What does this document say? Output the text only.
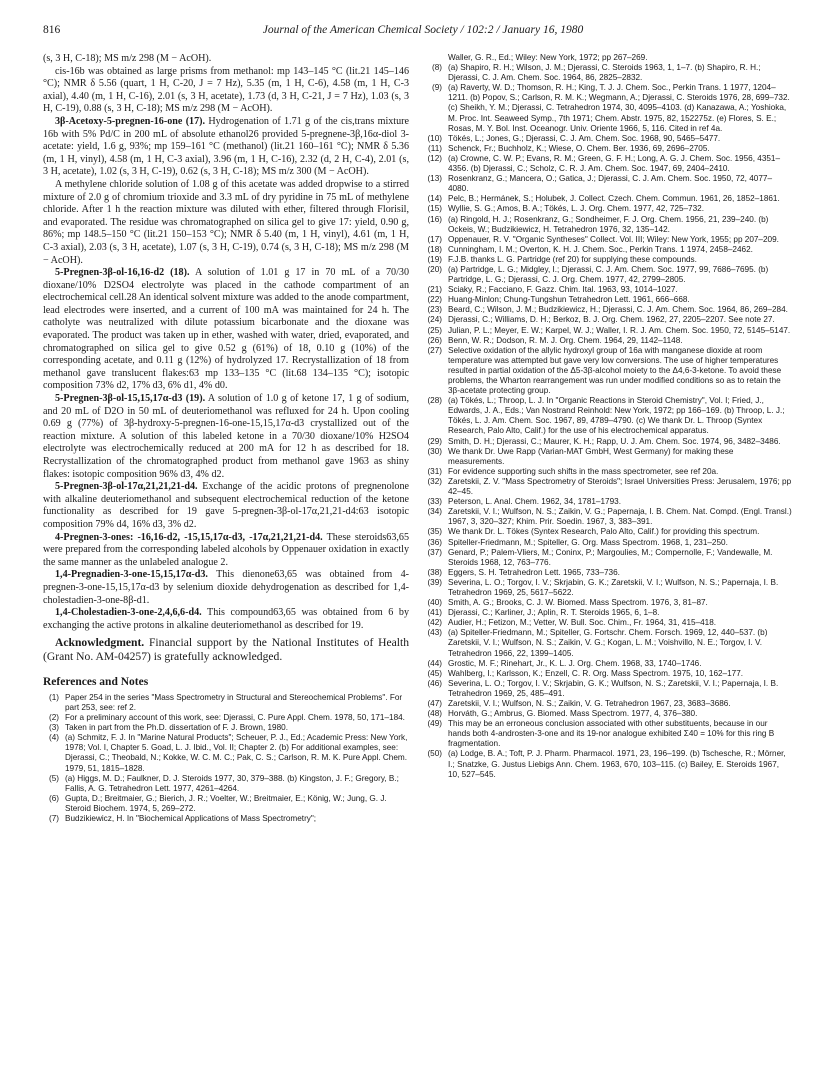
816	Journal of the American Chemical Society / 102:2 / January 16, 1980

(s, 3 H, C-18); MS m/z 298 (M − AcOH).

cis-16b was obtained as large prisms from methanol: mp 143–145 °C (lit.21 145–146 °C); NMR δ 5.56 (quart, 1 H, C-20, J = 7 Hz), 5.35 (m, 1 H, C-6), 4.58 (m, 1 H, C-3 axial), 4.40 (m, 1 H, C-16), 2.01 (s, 3 H, acetate), 1.73 (d, 3 H, C-21, J = 7 Hz), 1.03 (s, 3 H, C-19), 0.88 (s, 3 H, C-18); MS m/z 298 (M − AcOH).

3β-Acetoxy-5-pregnen-16-one (17). Hydrogenation of 1.71 g of the cis,trans mixture 16b with 5% Pd/C in 200 mL of absolute ethanol26 provided 5-pregnene-3β,16α-diol 3-acetate: yield, 1.6 g, 93%; mp 159–161 °C (methanol) (lit.21 160–161 °C); NMR δ 5.36 (m, 1 H, vinyl), 4.58 (m, 1 H, C-3 axial), 3.96 (m, 1 H, C-16), 2.32 (d, 2 H, C-4), 2.01 (s, 3 H, acetate), 1.02 (s, 3 H, C-19), 0.62 (s, 3 H, C-18); MS m/z 300 (M − AcOH).

A methylene chloride solution of 1.08 g of this acetate was added dropwise to a stirred mixture of 2.0 g of chromium trioxide and 3.3 mL of dry pyridine in 75 mL of methylene chloride. After 1 h the reaction mixture was diluted with ether, filtered through Florisil, and evaporated. The residue was chromatographed on silica gel to give 17: yield, 0.90 g, 86%; mp 148.5–150 °C (lit.21 150–153 °C); NMR δ 5.40 (m, 1 H, vinyl), 4.61 (m, 1 H, C-3 axial), 2.03 (s, 3 H, acetate), 1.07 (s, 3 H, C-19), 0.74 (s, 3 H, C-18); MS m/z 298 (M − AcOH).

5-Pregnen-3β-ol-16,16-d2 (18). A solution of 1.01 g 17 in 70 mL of a 70/30 dioxane/10% D2SO4 electrolyte was placed in the cathode compartment of an electrochemical cell.28 An identical solvent mixture was added to the anode compartment, lead electrodes were inserted, and a current of 100 mA was maintained for 24 h. The catholyte was neutralized with dilute potassium bicarbonate and the dioxane was evaporated. The product was taken up in ether, washed with water, dried, evaporated, and chromatographed on silica gel to give 0.52 g (61%) of 18, 0.10 g (10%) of the corresponding acetate, and 0.11 g (12%) of hydrolyzed 17. Recrystallization of 18 from methanol gave translucent flakes:63 mp 133–135 °C (lit.68 134–135 °C); isotopic composition 73% d2, 17% d3, 6% d1, 4% d0.

5-Pregnen-3β-ol-15,15,17α-d3 (19). A solution of 1.0 g of ketone 17, 1 g of sodium, and 20 mL of D2O in 50 mL of deuteriomethanol was refluxed for 24 h. Upon cooling 0.69 g (77%) of 3β-hydroxy-5-pregnen-16-one-15,15,17α-d3 crystallized out of the reaction mixture. A solution of this labeled ketone in a 70/30 dioxane/10% H2SO4 electrolyte was electrochemically reduced at 200 mA for 12 h as described for 18. Recrystallization of the chromatographed product from methanol gave 1963 as shiny flakes: isotopic composition 96% d3, 4% d2.

5-Pregnen-3β-ol-17α,21,21,21-d4. Exchange of the acidic protons of pregnenolone with alkaline deuteriomethanol and subsequent electrochemical reduction of the ketone functionality as described for 19 gave 5-pregnen-3β-ol-17α,21,21-d4:63 isotopic composition 79% d4, 16% d3, 3% d2.

4-Pregnen-3-ones: -16,16-d2, -15,15,17α-d3, -17α,21,21,21-d4. These steroids63,65 were prepared from the corresponding labeled alcohols by Oppenauer oxidation in exactly the same manner as the unlabeled analogue 2.

1,4-Pregnadien-3-one-15,15,17α-d3. This dienone63,65 was obtained from 4-pregnen-3-one-15,15,17α-d3 by selenium dioxide dehydrogenation as described for 1,4-cholestadien-3-one-8β-d1.

1,4-Cholestadien-3-one-2,4,6,6-d4. This compound63,65 was obtained from 6 by exchanging the active protons in alkaline deuteriomethanol as described for 19.

Acknowledgment. Financial support by the National Institutes of Health (Grant No. AM-04257) is gratefully acknowledged.

References and Notes
(1) Paper 254 in the series "Mass Spectrometry in Structural and Stereochemical Problems". For part 253, see: ref 2.
(2) For a preliminary account of this work, see: Djerassi, C. Pure Appl. Chem. 1978, 50, 171–184.
(3) Taken in part from the Ph.D. dissertation of F. J. Brown, 1980.
(4) (a) Schmitz, F. J. In "Marine Natural Products"; Scheuer, P. J., Ed.; Academic Press: New York, 1978; Vol. I, Chapter 5. Goad, L. J. Ibid., Vol. II; Chapter 2. (b) For additional examples, see: Djerassi, C.; Theobald, N.; Kokke, W. C. M. C.; Pak, C. S.; Carlson, R. M. K. Pure Appl. Chem. 1979, 51, 1815–1828.
(5) (a) Higgs, M. D.; Faulkner, D. J. Steroids 1977, 30, 379–388. (b) Kingston, J. F.; Gregory, B.; Fallis, A. G. Tetrahedron Lett. 1977, 4261–4264.
(6) Gupta, D.; Breitmaier, G.; Bierich, J. R.; Voelter, W.; Breitmaier, E.; König, W.; Jung, G. J. Steroid Biochem. 1974, 5, 269–272.
(7) Budzikiewicz, H. In "Biochemical Applications of Mass Spectrometry";
Waller, G. R., Ed.; Wiley: New York, 1972; pp 267–269.
(8) (a) Shapiro, R. H.; Wilson, J. M.; Djerassi, C. Steroids 1963, 1, 1–7. (b) Shapiro, R. H.; Djerassi, C. J. Am. Chem. Soc. 1964, 86, 2825–2832.
(9) (a) Raverty, W. D.; Thomson, R. H.; King, T. J. J. Chem. Soc., Perkin Trans. 1 1977, 1204–1211. (b) Popov, S.; Carlson, R. M. K.; Wegmann, A.; Djerassi, C. Steroids 1976, 28, 699–732. (c) Sheikh, Y. M.; Djerassi, C. Tetrahedron 1974, 30, 4095–4103. (d) Kanazawa, A.; Yoshioka, M. Proc. Int. Seaweed Symp., 7th 1971; Chem. Abstr. 1975, 82, 152275z. (e) Flores, S. E.; Rosas, M. Y. Bol. Inst. Oceanogr. Univ. Oriente 1966, 5, 116. Cited in ref 4a.
(10) Tökés, L.; Jones, G.; Djerassi, C. J. Am. Chem. Soc. 1968, 90, 5465–5477.
(11) Schenck, Fr.; Buchholz, K.; Wiese, O. Chem. Ber. 1936, 69, 2696–2705.
(12) (a) Crowne, C. W. P.; Evans, R. M.; Green, G. F. H.; Long, A. G. J. Chem. Soc. 1956, 4351–4356. (b) Djerassi, C.; Scholz, C. R. J. Am. Chem. Soc. 1947, 69, 2404–2410.
(13) Rosenkranz, G.; Mancera, O.; Gatica, J.; Djerassi, C. J. Am. Chem. Soc. 1950, 72, 4077–4080.
(14) Pelc, B.; Hermánek, S.; Holubek, J. Collect. Czech. Chem. Commun. 1961, 26, 1852–1861.
(15) Wyllie, S. G.; Amos, B. A.; Tökés, L. J. Org. Chem. 1977, 42, 725–732.
(16) (a) Ringold, H. J.; Rosenkranz, G.; Sondheimer, F. J. Org. Chem. 1956, 21, 239–240. (b) Ockeis, W.; Budzikiewicz, H. Tetrahedron 1976, 32, 135–142.
(17) Oppenauer, R. V. "Organic Syntheses" Collect. Vol. III; Wiley: New York, 1955; pp 207–209.
(18) Cunningham, I. M.; Overton, K. H. J. Chem. Soc., Perkin Trans. 1 1974, 2458–2462.
(19) F.J.B. thanks L. G. Partridge (ref 20) for supplying these compounds.
(20) (a) Partridge, L. G.; Midgley, I.; Djerassi, C. J. Am. Chem. Soc. 1977, 99, 7686–7695. (b) Partridge, L. G.; Djerassi, C. J. Org. Chem. 1977, 42, 2799–2805.
(21) Sciaky, R.; Facciano, F. Gazz. Chim. Ital. 1963, 93, 1014–1027.
(22) Huang-Minlon; Chung-Tungshun Tetrahedron Lett. 1961, 666–668.
(23) Beard, C.; Wilson, J. M.; Budzikiewicz, H.; Djerassi, C. J. Am. Chem. Soc. 1964, 86, 269–284.
(24) Djerassi, C.; Williams, D. H.; Berkoz, B. J. Org. Chem. 1962, 27, 2205–2207. See note 27.
(25) Julian, P. L.; Meyer, E. W.; Karpel, W. J.; Waller, I. R. J. Am. Chem. Soc. 1950, 72, 5145–5147.
(26) Benn, W. R.; Dodson, R. M. J. Org. Chem. 1964, 29, 1142–1148.
(27) Selective oxidation of the allylic hydroxyl group of 16a with manganese dioxide at room temperature was attempted but gave very low conversions. The use of higher temperatures resulted in partial oxidation of the Δ5-3β-alcohol moiety to the Δ4,6-3-ketone. To avoid these problems, the Wharton rearrangement was run under modified conditions so as to retain the 3β-acetate protecting group.
(28) (a) Tökés, L.; Throop, L. J. In "Organic Reactions in Steroid Chemistry", Vol. I; Fried, J., Edwards, J. A., Eds.; Van Nostrand Reinhold: New York, 1972; pp 166–169. (b) Throop, L. J.; Tökés, L. J. Am. Chem. Soc. 1967, 89, 4789–4790. (c) We thank Dr. L. Throop (Syntex Research, Palo Alto, Calif.) for the use of his electrochemical apparatus.
(29) Smith, D. H.; Djerassi, C.; Maurer, K. H.; Rapp, U. J. Am. Chem. Soc. 1974, 96, 3482–3486.
(30) We thank Dr. Uwe Rapp (Varian-MAT GmbH, West Germany) for making these measurements.
(31) For evidence supporting such shifts in the mass spectrometer, see ref 20a.
(32) Zaretskii, Z. V. "Mass Spectrometry of Steroids"; Israel Universities Press: Jerusalem, 1976; pp 42–45.
(33) Peterson, L. Anal. Chem. 1962, 34, 1781–1793.
(34) Zaretskii, V. I.; Wulfson, N. S.; Zaikin, V. G.; Papernaja, I. B. Chem. Nat. Compd. (Engl. Transl.) 1967, 3, 320–327; Khim. Prir. Soedin. 1967, 3, 383–391.
(35) We thank Dr. L. Tökes (Syntex Research, Palo Alto, Calif.) for providing this spectrum.
(36) Spiteller-Friedmann, M.; Spiteller, G. Org. Mass Spectrom. 1968, 1, 231–250.
(37) Genard, P.; Palem-Vliers, M.; Coninx, P.; Margoulies, M.; Compernolle, F.; Vandewalle, M. Steroids 1968, 12, 763–776.
(38) Eggers, S. H. Tetrahedron Lett. 1965, 733–736.
(39) Severina, L. O.; Torgov, I. V.; Skrjabin, G. K.; Zaretskii, V. I.; Wulfson, N. S.; Papernaja, I. B. Tetrahedron 1969, 25, 5617–5622.
(40) Smith, A. G.; Brooks, C. J. W. Biomed. Mass Spectrom. 1976, 3, 81–87.
(41) Djerassi, C.; Karliner, J.; Aplin, R. T. Steroids 1965, 6, 1–8.
(42) Audier, H.; Fetizon, M.; Vetter, W. Bull. Soc. Chim., Fr. 1964, 31, 415–418.
(43) (a) Spiteller-Friedmann, M.; Spiteller, G. Fortschr. Chem. Forsch. 1969, 12, 440–537. (b) Zaretskii, V. I.; Wulfson, N. S.; Zaikin, V. G.; Kogan, L. M.; Voishvillo, N. E.; Torgov, I. V. Tetrahedron 1966, 22, 1399–1405.
(44) Grostic, M. F.; Rinehart, Jr., K. L. J. Org. Chem. 1968, 33, 1740–1746.
(45) Wahlberg, I.; Karlsson, K.; Enzell, C. R. Org. Mass Spectrom. 1975, 10, 162–177.
(46) Severina, L. O.; Torgov, I. V.; Skrjabin, G. K.; Wulfson, N. S.; Zaretskii, V. I.; Papernaja, I. B. Tetrahedron 1969, 25, 485–491.
(47) Zaretskii, V. I.; Wulfson, N. S.; Zaikin, V. G. Tetrahedron 1967, 23, 3683–3686.
(48) Horváth, G.; Ambrus, G. Biomed. Mass Spectrom. 1977, 4, 376–380.
(49) This may be an erroneous conclusion associated with other substituents, because in our hands both 4-androsten-3-one and its 19-nor analogue exhibited Σ40 = 10% for this ring B fragmentation.
(50) (a) Lodge, B. A.; Toft, P. J. Pharm. Pharmacol. 1971, 23, 196–199. (b) Tschesche, R.; Mörner, I.; Snatzke, G. Justus Liebigs Ann. Chem. 1963, 670, 103–115. (c) Bailey, E. Steroids 1967, 10, 527–545.
